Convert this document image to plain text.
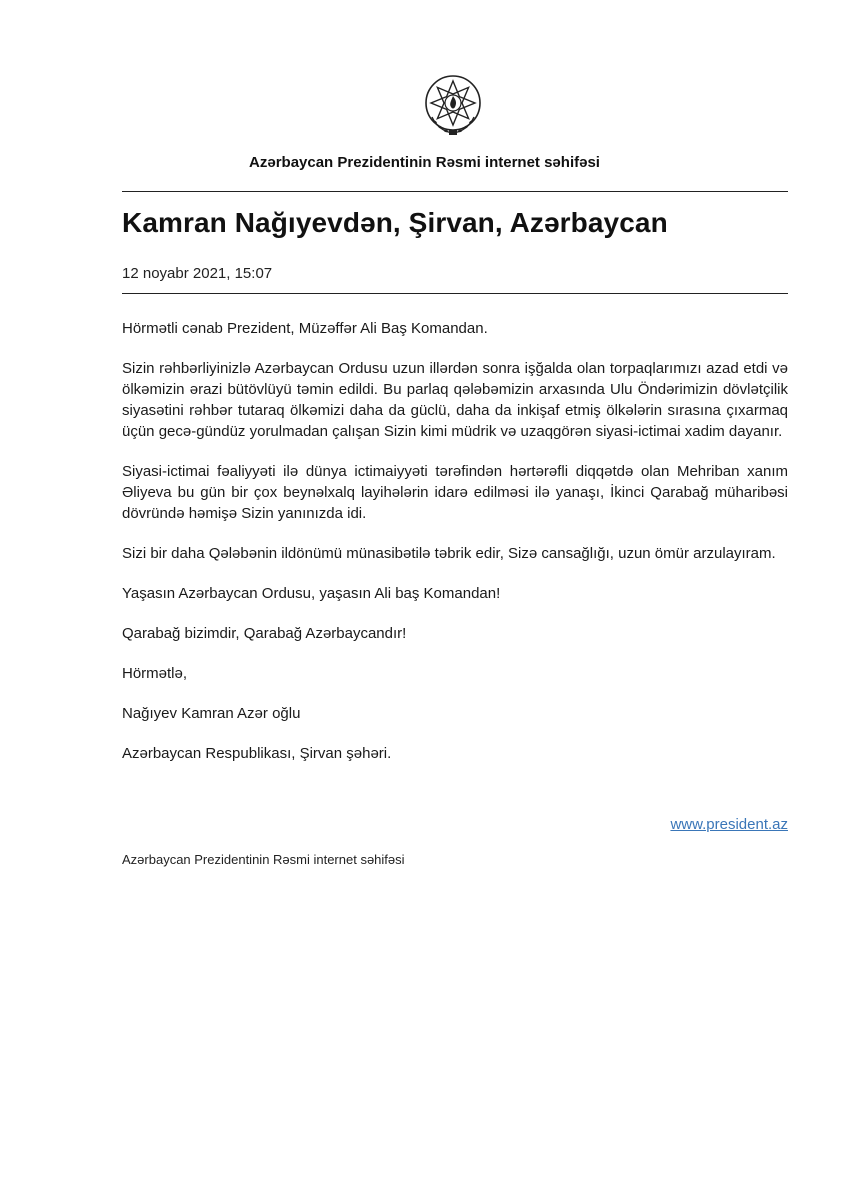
Azərbaycan Prezidentinin Rəsmi internet səhifəsi
Kamran Nağıyevdən, Şirvan, Azərbaycan
12 noyabr 2021, 15:07

Hörmətli cənab Prezident, Müzəffər Ali Baş Komandan.

Sizin rəhbərliyinizlə Azərbaycan Ordusu uzun illərdən sonra işğalda olan torpaqlarımızı azad etdi və ölkəmizin ərazi bütövlüyü təmin edildi. Bu parlaq qələbəmizin arxasında Ulu Öndərimizin dövlətçilik siyasətini rəhbər tutaraq ölkəmizi daha da güclü, daha da inkişaf etmiş ölkələrin sırasına çıxarmaq üçün gecə-gündüz yorulmadan çalışan Sizin kimi müdrik və uzaqgörən siyasi-ictimai xadim dayanır.

Siyasi-ictimai fəaliyyəti ilə dünya ictimaiyyəti tərəfindən hərtərəfli diqqətdə olan Mehriban xanım Əliyeva bu gün bir çox beynəlxalq layihələrin idarə edilməsi ilə yanaşı, İkinci Qarabağ müharibəsi dövründə həmişə Sizin yanınızda idi.

Sizi bir daha Qələbənin ildönümü münasibətilə təbrik edir, Sizə cansağlığı, uzun ömür arzulayıram.

Yaşasın Azərbaycan Ordusu, yaşasın Ali baş Komandan!

Qarabağ bizimdir, Qarabağ Azərbaycandır!

Hörmətlə,

Nağıyev Kamran Azər oğlu

Azərbaycan Respublikası, Şirvan şəhəri.

www.president.az
Azərbaycan Prezidentinin Rəsmi internet səhifəsi
